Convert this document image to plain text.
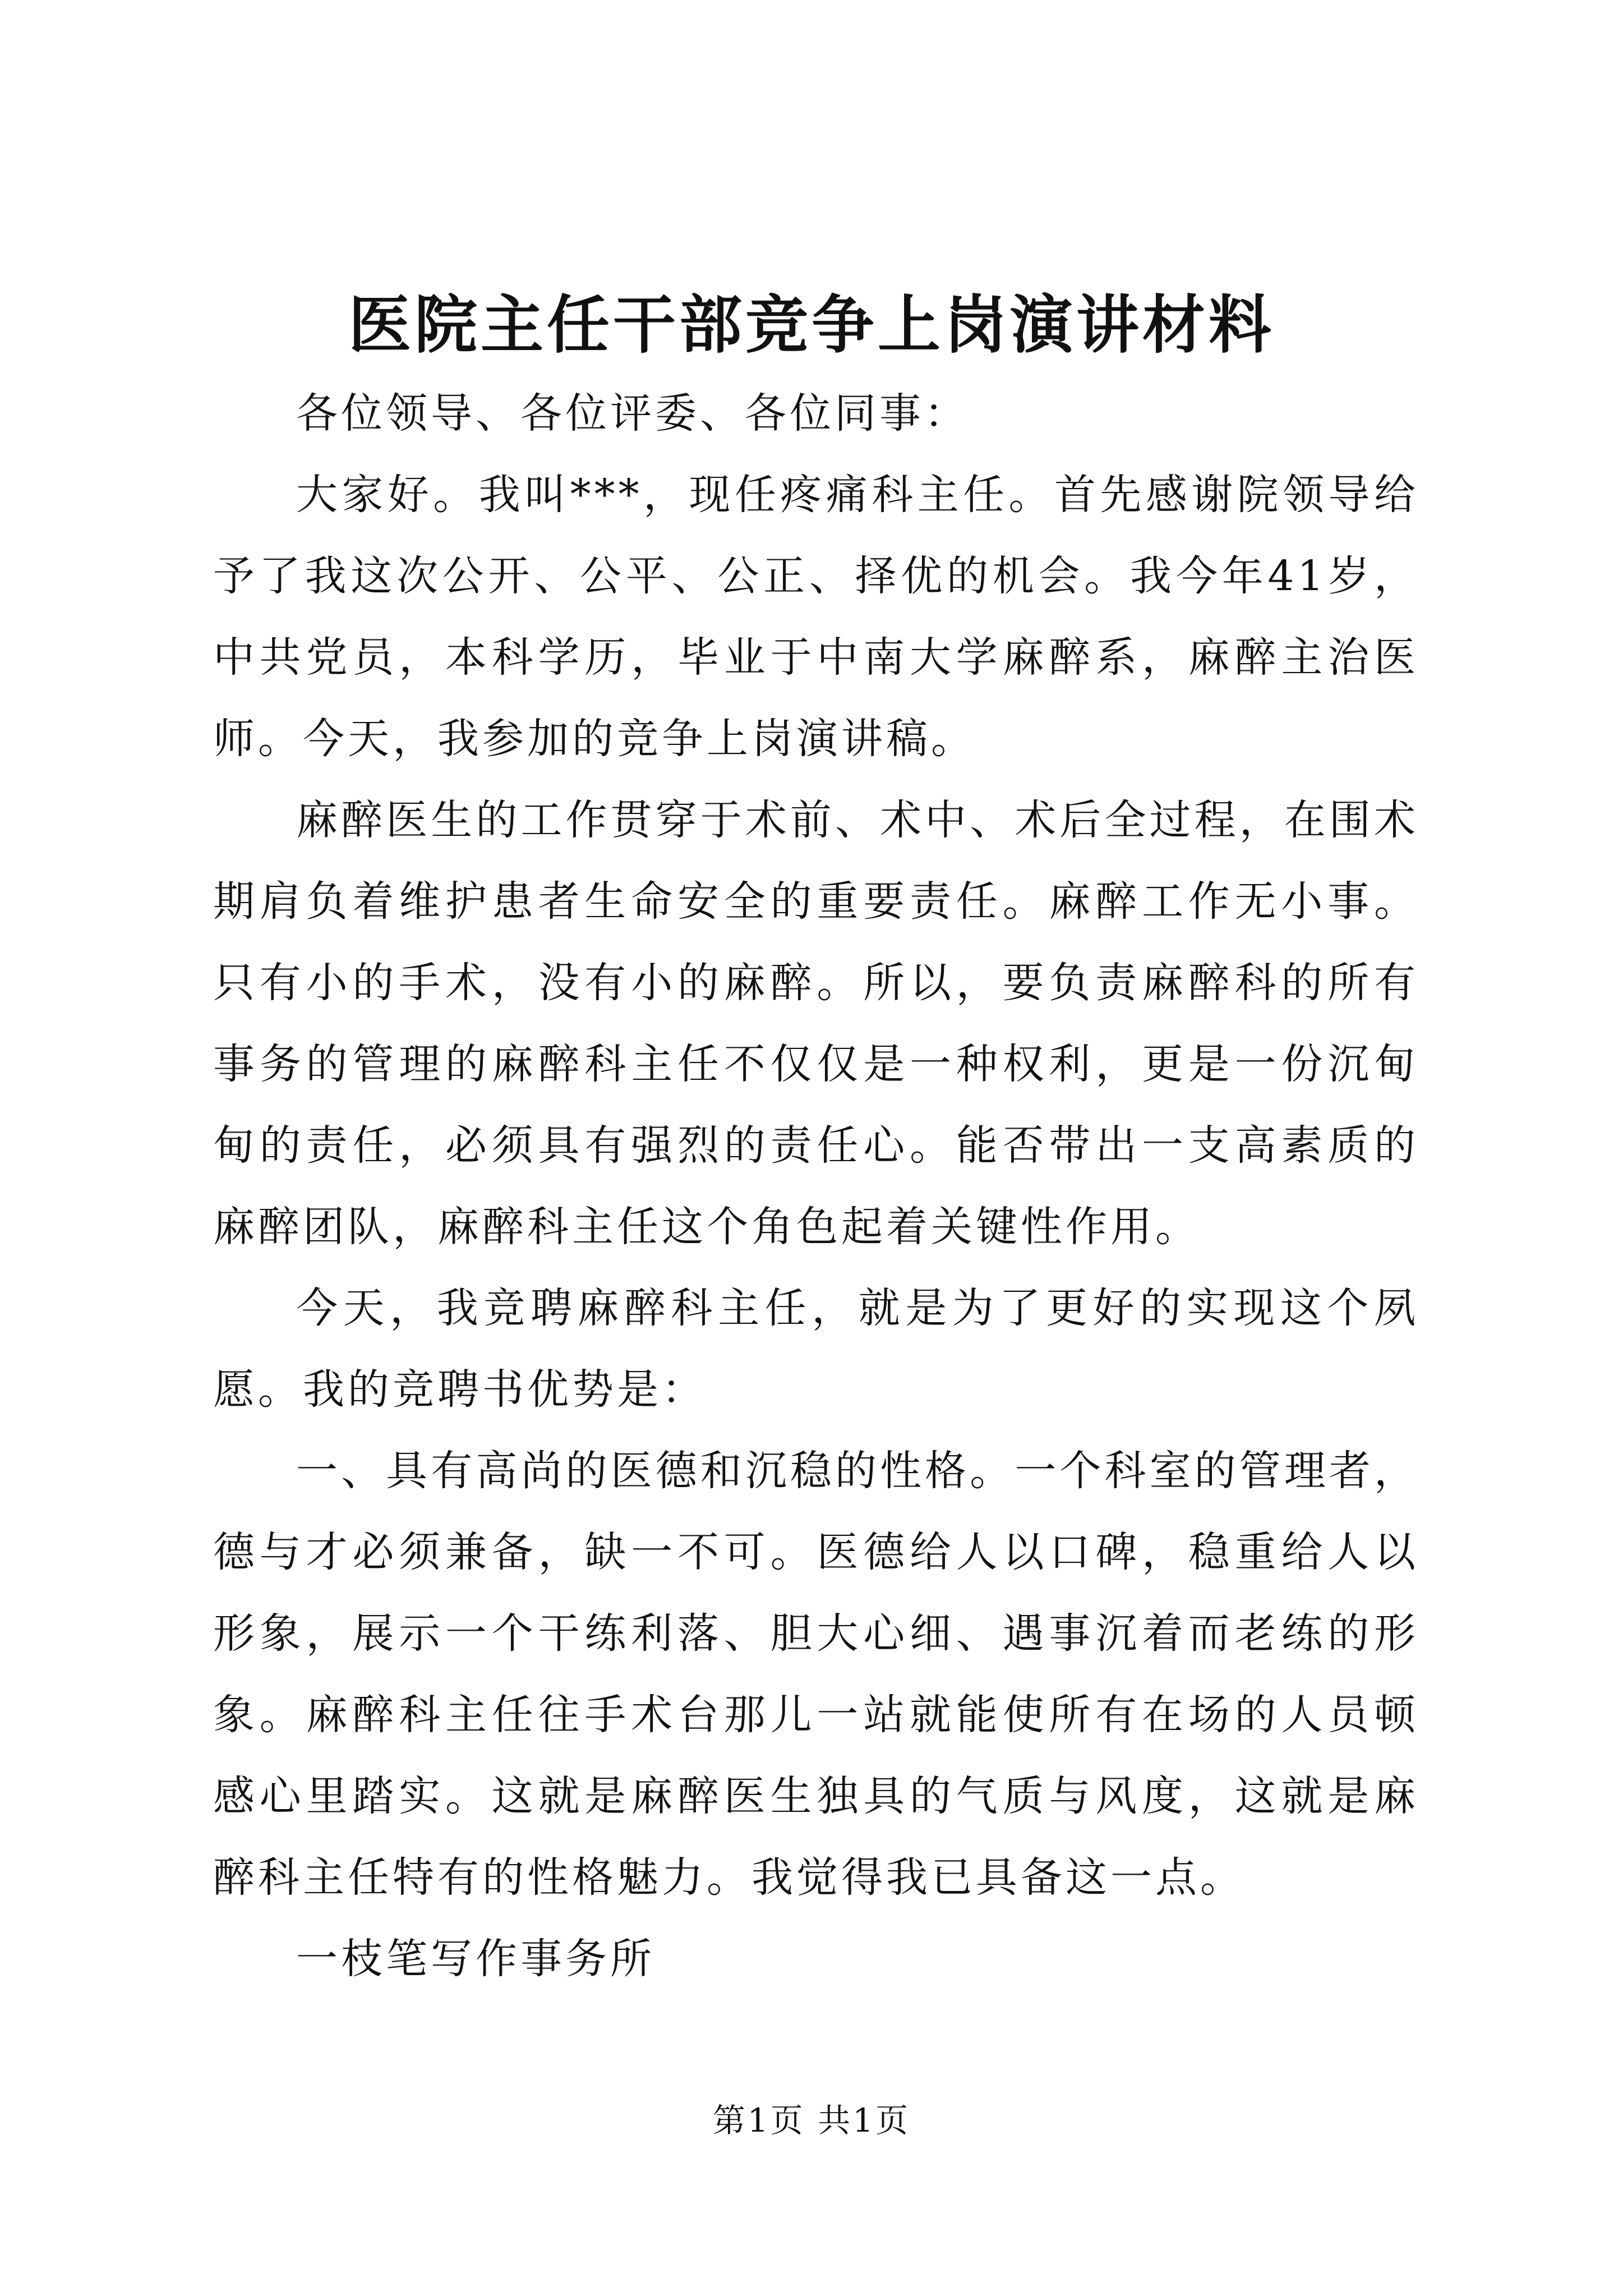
医院主任干部竞争上岗演讲材料

各位领导、各位评委、各位同事：

大家好。我叫***，现任疼痛科主任。首先感谢院领导给予了我这次公开、公平、公正、择优的机会。我今年41岁，中共党员，本科学历，毕业于中南大学麻醉系，麻醉主治医师。今天，我参加的竞争上岗演讲稿。

麻醉医生的工作贯穿于术前、术中、术后全过程，在围术期肩负着维护患者生命安全的重要责任。麻醉工作无小事。只有小的手术，没有小的麻醉。所以，要负责麻醉科的所有事务的管理的麻醉科主任不仅仅是一种权利，更是一份沉甸甸的责任，必须具有强烈的责任心。能否带出一支高素质的麻醉团队，麻醉科主任这个角色起着关键性作用。

今天，我竞聘麻醉科主任，就是为了更好的实现这个夙愿。我的竞聘书优势是：

一、具有高尚的医德和沉稳的性格。一个科室的管理者，德与才必须兼备，缺一不可。医德给人以口碑，稳重给人以形象，展示一个干练利落、胆大心细、遇事沉着而老练的形象。麻醉科主任往手术台那儿一站就能使所有在场的人员顿感心里踏实。这就是麻醉医生独具的气质与风度，这就是麻醉科主任特有的性格魅力。我觉得我已具备这一点。

一枝笔写作事务所

第1页 共1页
